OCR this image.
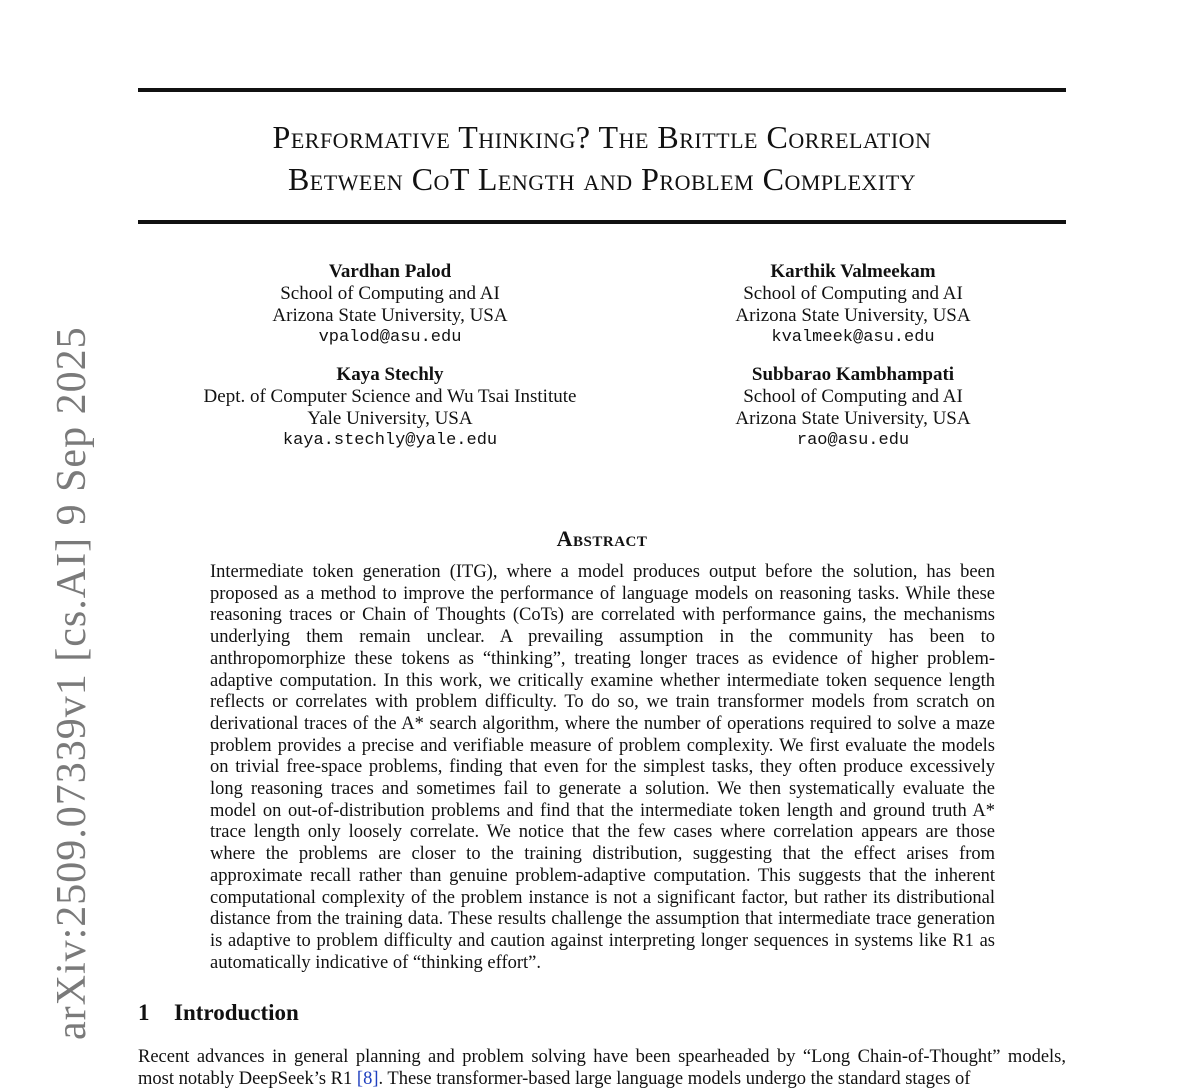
arXiv:2509.07339v1 [cs.AI] 9 Sep 2025
Performative Thinking? The Brittle Correlation
Between CoT Length and Problem Complexity
Vardhan Palod
School of Computing and AI
Arizona State University, USA
vpalod@asu.edu
Karthik Valmeekam
School of Computing and AI
Arizona State University, USA
kvalmeek@asu.edu
Kaya Stechly
Dept. of Computer Science and Wu Tsai Institute
Yale University, USA
kaya.stechly@yale.edu
Subbarao Kambhampati
School of Computing and AI
Arizona State University, USA
rao@asu.edu
Abstract
Intermediate token generation (ITG), where a model produces output before the solution, has been proposed as a method to improve the performance of language models on reasoning tasks. While these reasoning traces or Chain of Thoughts (CoTs) are correlated with performance gains, the mechanisms underlying them remain unclear. A prevailing assumption in the community has been to anthropomorphize these tokens as “thinking”, treating longer traces as evidence of higher problem-adaptive computation. In this work, we critically examine whether intermediate token sequence length reflects or correlates with problem difficulty. To do so, we train transformer models from scratch on derivational traces of the A* search algorithm, where the number of operations required to solve a maze problem provides a precise and verifiable measure of problem complexity. We first evaluate the models on trivial free-space problems, finding that even for the simplest tasks, they often produce excessively long reasoning traces and sometimes fail to generate a solution. We then systematically evaluate the model on out-of-distribution problems and find that the intermediate token length and ground truth A* trace length only loosely correlate. We notice that the few cases where correlation appears are those where the problems are closer to the training distribution, suggesting that the effect arises from approximate recall rather than genuine problem-adaptive computation. This suggests that the inherent computational complexity of the problem instance is not a significant factor, but rather its distributional distance from the training data. These results challenge the assumption that intermediate trace generation is adaptive to problem difficulty and caution against interpreting longer sequences in systems like R1 as automatically indicative of “thinking effort”.
1 Introduction
Recent advances in general planning and problem solving have been spearheaded by “Long Chain-of-Thought” models, most notably DeepSeek’s R1 [8]. These transformer-based large language models undergo the standard stages of
